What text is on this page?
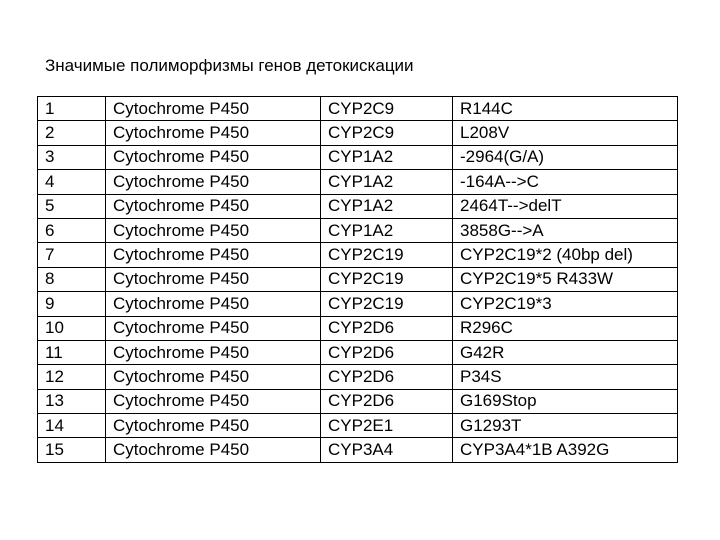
Значимые полиморфизмы генов детокискации
1	Cytochrome P450	CYP2C9	R144C
2	Cytochrome P450	CYP2C9	L208V
3	Cytochrome P450	CYP1A2	-2964(G/A)
4	Cytochrome P450	CYP1A2	-164A-->C
5	Cytochrome P450	CYP1A2	2464T-->delT
6	Cytochrome P450	CYP1A2	3858G-->A
7	Cytochrome P450	CYP2C19	CYP2C19*2 (40bp del)
8	Cytochrome P450	CYP2C19	CYP2C19*5 R433W
9	Cytochrome P450	CYP2C19	CYP2C19*3
10	Cytochrome P450	CYP2D6	R296C
11	Cytochrome P450	CYP2D6	G42R
12	Cytochrome P450	CYP2D6	P34S
13	Cytochrome P450	CYP2D6	G169Stop
14	Cytochrome P450	CYP2E1	G1293T
15	Cytochrome P450	CYP3A4	CYP3A4*1B A392G
